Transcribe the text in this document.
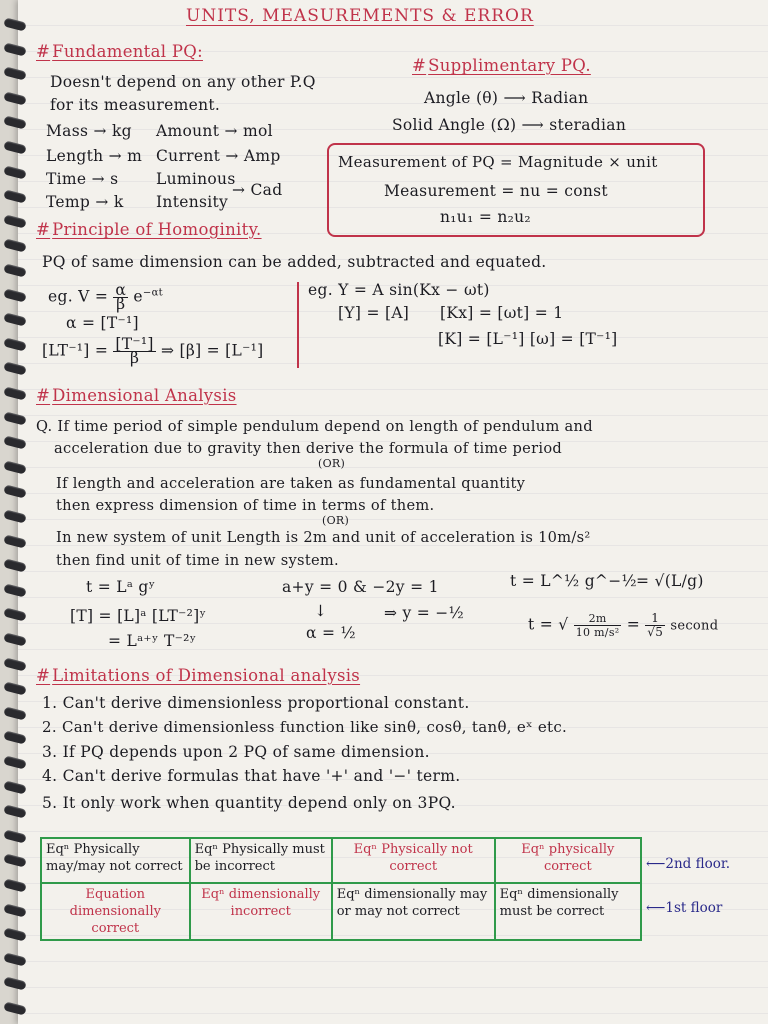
UNITS, MEASUREMENTS & ERROR
# Fundamental PQ:
Doesn't depend on any other P.Q
for its measurement.
Mass → kg Amount → mol
Length → m Current → Amp
Time → s Luminous
Temp → k Intensity
→ Cad
# Supplimentary PQ.
Angle (θ) ⟶ Radian
Solid Angle (Ω) ⟶ steradian
Measurement of PQ = Magnitude × unit
Measurement = nu = const
n₁u₁ = n₂u₂
# Principle of Homoginity.
PQ of same dimension can be added, subtracted and equated.
eg. $V = \frac{\alpha}{\beta} e^{-\alpha t}$
α = [T⁻¹]
$[LT^{-1}] = \frac{\text{[T⁻¹]}}{\beta}$ ⇒ [β] = [L⁻¹]
eg. Y = A sin(Kx − ωt)
[Y] = [A] [Kx] = [ωt] = 1
[K] = [L⁻¹] [ω] = [T⁻¹]
# Dimensional Analysis
Q. If time period of simple pendulum depend on length of pendulum and
acceleration due to gravity then derive the formula of time period
(OR)
If length and acceleration are taken as fundamental quantity
then express dimension of time in terms of them.
(OR)
In new system of unit Length is 2m and unit of acceleration is 10m/s²
then find unit of time in new system.
t = Lᵃ gʸ
[T] = [L]ᵃ [LT⁻²]ʸ
= Lᵃ⁺ʸ T⁻²ʸ
a+y = 0 & −2y = 1
↓
α = ½
⇒ y = −½
t = L^½ g^−½ = √(L/g)
t = √ $\frac{2m}{\text{10 m/s²}} = \frac{1}{√5}$ second
# Limitations of Dimensional analysis
1. Can't derive dimensionless proportional constant.
2. Can't derive dimensionless function like sinθ, cosθ, tanθ, eˣ etc.
3. If PQ depends upon 2 PQ of same dimension.
4. Can't derive formulas that have '+' and '−' term.
5. It only work when quantity depend only on 3PQ.
Eqⁿ Physically may/may not correct	Eqⁿ Physically must be incorrect	Eqⁿ Physically not correct	Eqⁿ physically correct
Equation dimensionally correct	Eqⁿ dimensionally incorrect	Eqⁿ dimensionally may or may not correct	Eqⁿ dimensionally must be correct
⟵2nd floor.
⟵1st floor
